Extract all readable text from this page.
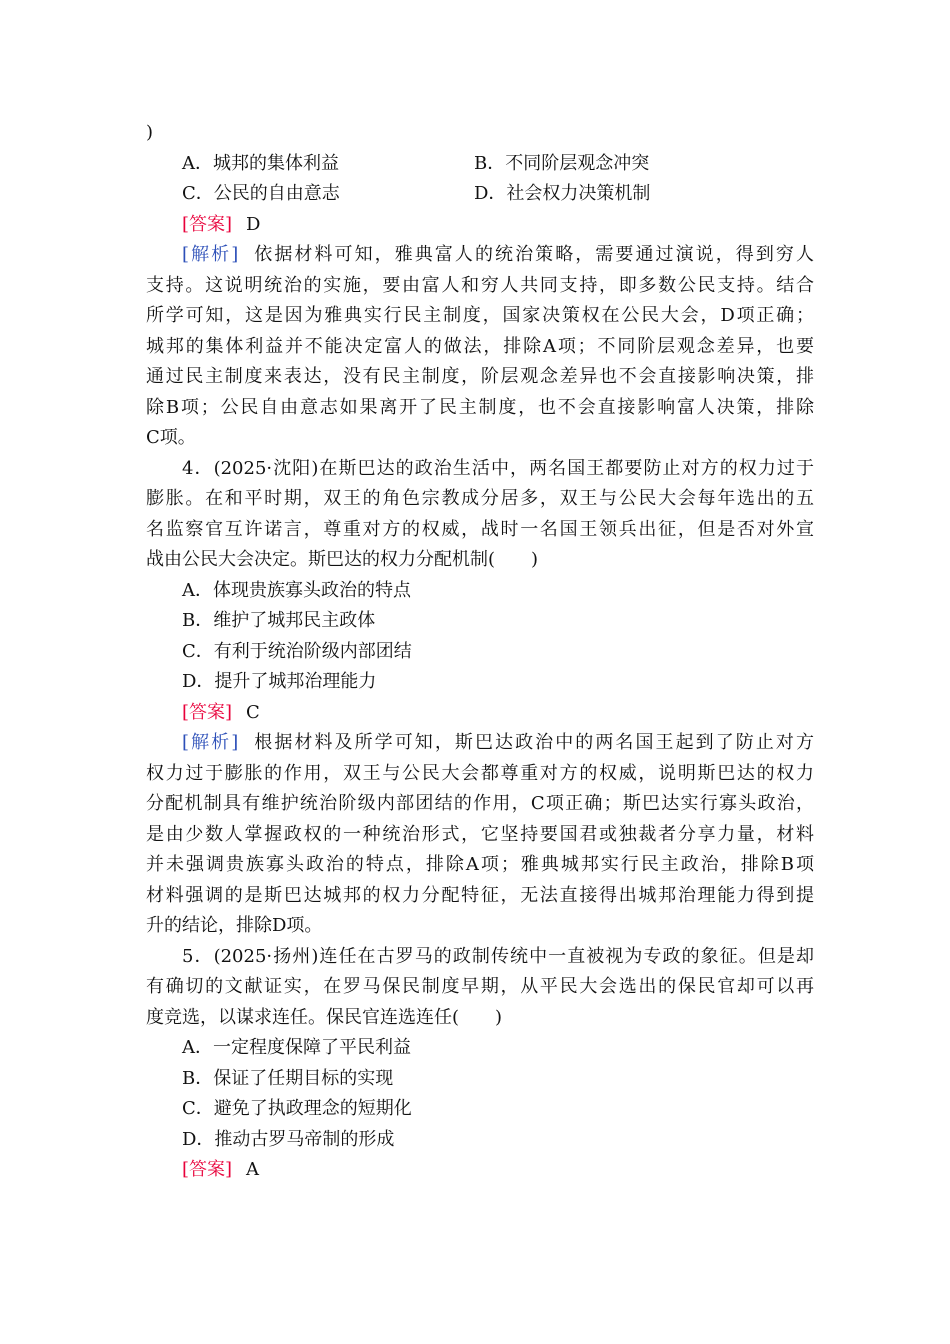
)
A．城邦的集体利益	B．不同阶层观念冲突
C．公民的自由意志	D．社会权力决策机制
[答案] D
[解析] 依据材料可知，雅典富人的统治策略，需要通过演说，得到穷人
支持。这说明统治的实施，要由富人和穷人共同支持，即多数公民支持。结合
所学可知，这是因为雅典实行民主制度，国家决策权在公民大会，D项正确；
城邦的集体利益并不能决定富人的做法，排除A项；不同阶层观念差异，也要
通过民主制度来表达，没有民主制度，阶层观念差异也不会直接影响决策，排
除B项；公民自由意志如果离开了民主制度，也不会直接影响富人决策，排除
C项。
4．(2025·沈阳)在斯巴达的政治生活中，两名国王都要防止对方的权力过于
膨胀。在和平时期，双王的角色宗教成分居多，双王与公民大会每年选出的五
名监察官互许诺言，尊重对方的权威，战时一名国王领兵出征，但是否对外宣
战由公民大会决定。斯巴达的权力分配机制(　　)
A．体现贵族寡头政治的特点
B．维护了城邦民主政体
C．有利于统治阶级内部团结
D．提升了城邦治理能力
[答案] C
[解析] 根据材料及所学可知，斯巴达政治中的两名国王起到了防止对方
权力过于膨胀的作用，双王与公民大会都尊重对方的权威，说明斯巴达的权力
分配机制具有维护统治阶级内部团结的作用，C项正确；斯巴达实行寡头政治，
是由少数人掌握政权的一种统治形式，它坚持要国君或独裁者分享力量，材料
并未强调贵族寡头政治的特点，排除A项；雅典城邦实行民主政治，排除B项
材料强调的是斯巴达城邦的权力分配特征，无法直接得出城邦治理能力得到提
升的结论，排除D项。
5．(2025·扬州)连任在古罗马的政制传统中一直被视为专政的象征。但是却
有确切的文献证实，在罗马保民制度早期，从平民大会选出的保民官却可以再
度竞选，以谋求连任。保民官连选连任(　　)
A．一定程度保障了平民利益
B．保证了任期目标的实现
C．避免了执政理念的短期化
D．推动古罗马帝制的形成
[答案] A
